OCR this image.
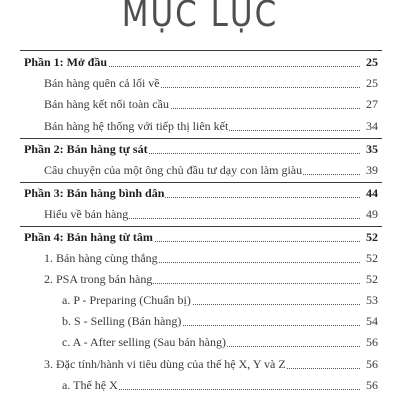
MỤC LỤC
Phần 1: Mở đầu	25
Bán hàng quên cả lối về	25
Bán hàng kết nối toàn cầu	27
Bán hàng hệ thống với tiếp thị liên kết	34
Phần 2: Bán hàng tự sát	35
Câu chuyện của một ông chủ đầu tư dạy con làm giàu	39
Phần 3: Bán hàng bình dân	44
Hiểu về bán hàng	49
Phần 4: Bán hàng từ tâm	52
1. Bán hàng cùng thắng	52
2. PSA trong bán hàng	52
a. P - Preparing (Chuẩn bị)	53
b. S - Selling (Bán hàng)	54
c. A - After selling (Sau bán hàng)	56
3. Đặc tính/hành vi tiêu dùng của thế hệ X, Y và Z	56
a. Thế hệ X	56
